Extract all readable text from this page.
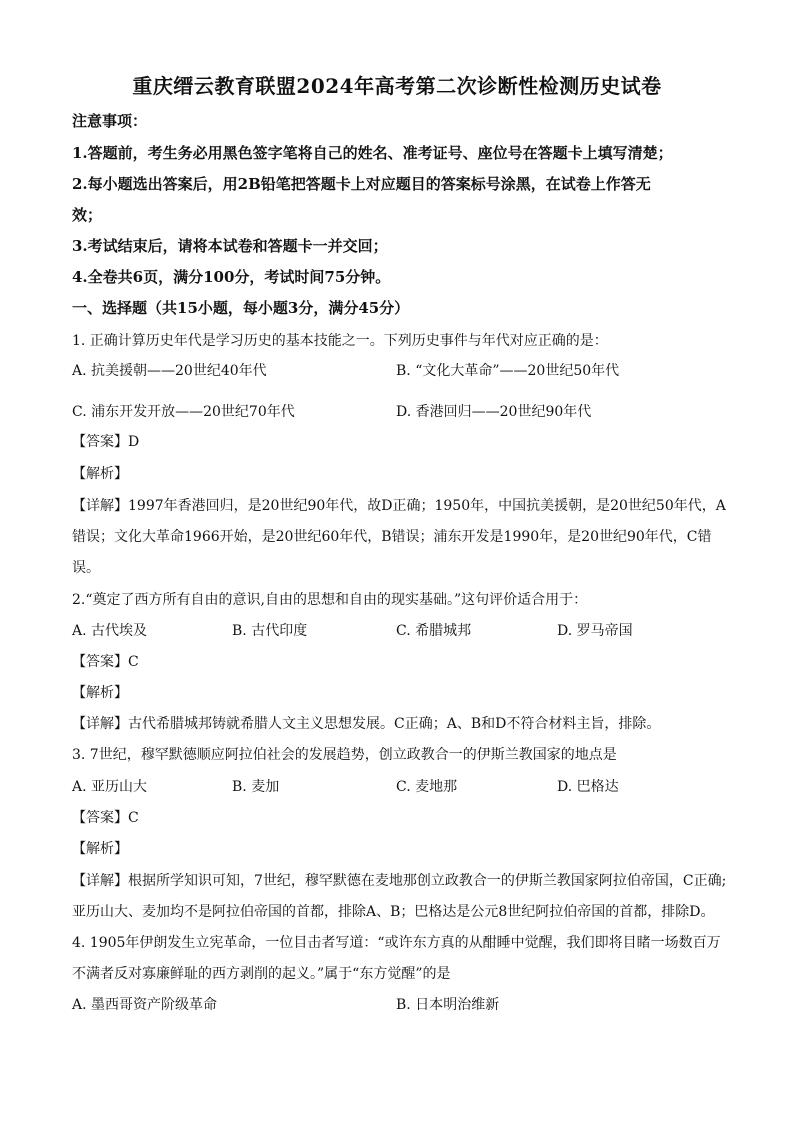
重庆缙云教育联盟2024年高考第二次诊断性检测历史试卷
注意事项：
1.答题前，考生务必用黑色签字笔将自己的姓名、准考证号、座位号在答题卡上填写清楚；
2.每小题选出答案后，用2B铅笔把答题卡上对应题目的答案标号涂黑，在试卷上作答无
效；
3.考试结束后，请将本试卷和答题卡一并交回；
4.全卷共6页，满分100分，考试时间75分钟。
一、选择题（共15小题，每小题3分，满分45分）
1. 正确计算历史年代是学习历史的基本技能之一。下列历史事件与年代对应正确的是：
A. 抗美援朝——20世纪40年代	B. “文化大革命”——20世纪50年代
C. 浦东开发开放——20世纪70年代	D. 香港回归——20世纪90年代
【答案】D
【解析】
【详解】1997年香港回归，是20世纪90年代，故D正确；1950年，中国抗美援朝，是20世纪50年代，A
错误；文化大革命1966开始，是20世纪60年代，B错误；浦东开发是1990年，是20世纪90年代，C错
误。
2.“奠定了西方所有自由的意识,自由的思想和自由的现实基础。”这句评价适合用于：
A. 古代埃及	B. 古代印度	C. 希腊城邦	D. 罗马帝国
【答案】C
【解析】
【详解】古代希腊城邦铸就希腊人文主义思想发展。C正确；A、B和D不符合材料主旨，排除。
3. 7世纪，穆罕默德顺应阿拉伯社会的发展趋势，创立政教合一的伊斯兰教国家的地点是
A. 亚历山大	B. 麦加	C. 麦地那	D. 巴格达
【答案】C
【解析】
【详解】根据所学知识可知，7世纪，穆罕默德在麦地那创立政教合一的伊斯兰教国家阿拉伯帝国，C正确;
亚历山大、麦加均不是阿拉伯帝国的首都，排除A、B；巴格达是公元8世纪阿拉伯帝国的首都，排除D。
4. 1905年伊朗发生立宪革命，一位目击者写道：“或许东方真的从酣睡中觉醒，我们即将目睹一场数百万
不满者反对寡廉鲜耻的西方剥削的起义。”属于“东方觉醒”的是
A. 墨西哥资产阶级革命	B. 日本明治维新
